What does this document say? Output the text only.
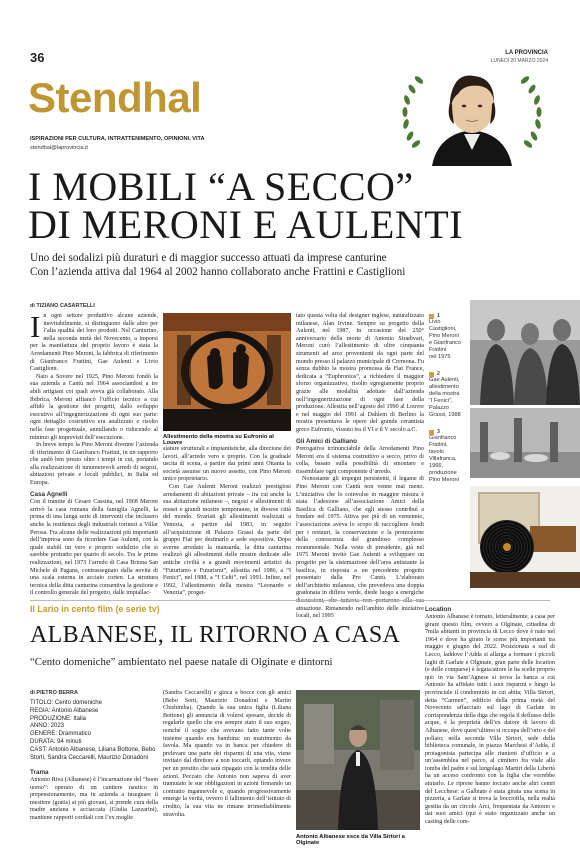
36	LA PROVINCIA
LUNEDÌ 20 MARZO 2024
Stendhal
ISPIRAZIONI PER CULTURA, INTRATTENIMENTO, OPINIONI, VITA
stendhal@laprovincia.it
I MOBILI “A SECCO”
DI MERONI E AULENTI
Uno dei sodalizi più duraturi e di maggior successo attuati da imprese canturine
Con l’azienda attiva dal 1964 al 2002 hanno collaborato anche Frattini e Castiglioni
di TIZIANO CASARTELLI

In ogni settore produttivo alcune aziende, inevitabilmente, si distinguono dalle altre per l’alta qualità dei loro prodotti. Nel Canturino, nella seconda metà del Novecento, a imporsi per la manifattura del proprio lavoro è stata la Arredamenti Pino Meroni, la fabbrica di riferimento di Gianfranco Frattini, Gae Aulenti e Livio Castiglioni.

Nato a Sovere nel 1925, Pino Meroni fondò la sua azienda a Cantù nel 1964 associandosi a tre abili artigiani coi quali aveva già collaborato. Alla Ibibrica, Meroni affiancò l’ufficio tecnico a cui affidò la gestione dei progetti, dallo sviluppo esecutivo all’ingegnerizzazione di ogni suo parte: ogni dettaglio costruttivo era analizzato e risolto nella fase progettuale, annullando o riducendo al minimo gli imprevisti dell’esecuzione.

In breve tempo la Pino Meroni divenne l’azienda di riferimento di Gianfranco Frattini, in un rapporto che andò ben presto oltre i tempi in cui, portando alla realizzazione di innumerevoli arredi di negozi, abitazioni private e locali pubblici, in Italia ed Europa.

Casa Agnelli

Con il tramite di Cesare Cassina, nel 1968 Meroni arrivò la casa romana della famiglia Agnelli, la prima di una lunga serie di interventi che inclusero anche la residenza degli industriali torinesi a Villar Perosa. Fra alcune delle realizzazioni più importanti dell’impresa sono da ricordare Gae Aulenti, con la quale stabilì un vero e proprio sodalizio che si sarebbe protratto per quarto di secolo. Tra le prime realizzazioni, nel 1973 l’arredo di Casa Briona San Michele di Pagana, contrassegnato dalla novità di una scala esterna in acciaio corten. La struttura tecnica della ditta canturina consentiva la gestione e il controllo generale del progetto, dalle impiallac-

Allestimento della mostra su Eufronio al Louvre

siature strutturali e impiantistiche, alla direzione dei lavori, all’arredo vero e proprio. Con la graduale uscita di scena, a partire dai primi anni Ottanta la società assunse un nuovo assetto, con Pino Meroni unico proprietario.

Con Gae Aulenti Meroni realizzò prestigiosi arredamenti di abitazioni private – tra cui anche la sua abitazione milanese –, negozi e allestimenti di musei e grandi mostre temporanee, in diverse città del mondo. Svariati gli allestimenti realizzati a Venezia, a partire dal 1983, in seguito all’acquisizione di Palazzo Grassi da parte del gruppo Fiat per destinarlo a sede espositiva. Dopo averne arredato la mansarda, la ditta canturina realizzò gli allestimenti delle mostre dedicate alle antiche civiltà e a grandi movimenti artistici da “Futurismo e Futurismi”, allestita nel 1986, a “I Fenici”, nel 1988, a “I Celti”, nel 1991. Infine, nel 1992, l’allestimento della mostra “Leonardo e Venezia”, proget-

tato questa volta dal designer inglese, naturalizzato milanese, Alan Irvine. Sempre su progetto della Aulenti, nel 1987, in occasione del 250° anniversario della morte di Antonio Stradivari, Meroni curò l’allestimento di oltre cinquanta strumenti ad arco provenienti da ogni parte del mondo presso il palazzo municipale di Cremona. Fu senza dubbio la mostra promossa da Fiat France, dedicata a “Euphronios”, a richiedere il maggior sforzo organizzativo, risolto egregiamente proprio grazie alle modalità adottate dall’azienda nell’ingegnerizzazione di ogni fase della produzione. Allestita nell’agosto del 1990 al Louvre e nel maggio del 1991 al Dahlem di Berlino la mostra presentava le opere del grande ceramista greco Eufronio, vissuto tra il VI e il V secolo a.C.

Gli Amici di Galliano

Prerogativa irrinunciabile della Arredamenti Pino Meroni era il sistema costruttivo a secco, privo di colla, basato sulla possibilità di smontare e rissemblare ogni componente d’arredo.

Nonostante gli impegni persistenti, il legame di Pino Meroni con Cantù non venne mai meno. L’iniziativa che lo coinvolse in maggior misura è stata l’adesione all’associazione Amici della Basilica di Galliano, che egli stesso contribuì a fondare nel 1975. Attiva per più di un ventennio, l’associazione aveva lo scopo di raccogliere fondi per i restauri, la conservazione e la promozione della conoscenza del grandioso complesso monumentale. Nella veste di presidente, già nel 1975 Meroni invitò Gae Aulenti a sviluppare un progetto per la sistemazione dell’area antistante la basilica, in risposta a un precedente progetto presentato dalla Pro Cantù. L’elaborato dell’architetto milanese, che prevedeva una doppia gradonata in differa verde, diede luogo a energiche attuazione. Rimanendo nell’ambito delle iniziative locali, nel 1995

1
Livio
Castiglioni,
Pino Meroni
e Gianfranco
Frattini
nel 1975
2
Gae Aulenti,
allestimento
della mostra
“I Fenici”,
Palazzo
Grassi, 1988
3
Gianfranco
Frattini,
tavolo
Villafranca,
1966,
produzione
Pino Meroni
Il Lario in cento film (e serie tv)
ALBANESE, IL RITORNO A CASA
“Cento domeniche” ambientato nel paese natale di Olginate e dintorni
di PIETRO BERRA
TITOLO: Cento domeniche
REGIA: Antonio Albanese
PRODUZIONE: Italia
ANNO: 2023
GENERE: Drammatico
DURATA: 94 minuti
CAST: Antonio Albanese, Liliana Bottone, Bebo Storti, Sandra Ceccarelli, Maurizio Donadoni
Trama
Antonio Riva (Albanese) è l’incarnazione del “buon uomo”: operaio di un cantiere nautico in prepensionamento, ma in azienda a insegnare il mestiere (gratis) ai più giovani, si prende cura della madre anziana e acciaccata (Giulia Lazzarini), mantiene rapporti cordiali con l’ex moglie
(Sandra Ceccarelli) e gioca a bocce con gli amici (Bebo Sorti, Maurizio Donadoni e Martin Chishimba). Quando la sua unica figlia (Liliana Bottone) gli annuncia di volersi sposare, decide di regalarle quello che era sempre stato il suo sogno, nonché il sogno che avevano fatto tante volte insieme quando era bambina: un matrimonio da favola. Ma quando va in banca per chiedere di prelevare una parte dei risparmi di una vita, viene invitato dal direttore a non toccarli, optando invece per un prestito che sarà ripagato con la rendita delle azioni. Peccato che Antonio non sapeva di aver tramutato le sue obbligazioni in azioni firmando un contratto ingannevole e, quando progressivamente emerge la verità, ovvero il fallimento dell’istituto di credito, la sua vita ne rimane irrimediabilmente stravolta.
Antonio Albanese esce da Villa Sirtori a Olginate
Location
Antonio Albanese è tornato, letteralmente, a casa per girare questo film, ovvero a Olginate, cittadina di 7mila abitanti in provincia di Lecco dove è nato nel 1964 e dove ha girato le scene più importanti tra maggio e giugno del 2022. Posizionata a sud di Lecco, laddove l’Adda si allarga a formare i piccoli laghi di Garlate e Olginate, gran parte delle location (e delle comparse) è legata/attore le ha scelte proprio qui: in via Sant’Agnese si trova la banca a cui Antonio ha affidato tutti i suoi risparmi e lungo la provinciale il condominio in cui abita; Villa Sirtori, detta “Carmen”, edificio della prima metà del Novecento affacciato sul lago di Garlate in corrispondenza della diga che regola il deflusso delle acque, è la proprietà dell’ex datore di lavoro di Albanese, dove quest’ultimo si occupa dell’orto e del pollaio; nella seconda Villa Sirtori, sede della biblioteca comunale, in piazza Marchesi d’Adda, il protagonista partecipa alle riunioni d’ufficio e a un’assemblea nel parco, al cimitero fra viale alla tomba del padre e sul lungolago Martiri della Libertà ha un acceso confronto con la figlia che vorrebbe aiutarlo. Le riprese hanno toccato anche altri centri del Lecchese: a Galbiate è stata girata una scena in pizzeria, a Garlate si trova la bocciofila, nella realtà gestita da un circolo Arci, frequentata da Antonio e dai suoi amici (qui è stato organizzato anche un casting delle com-
